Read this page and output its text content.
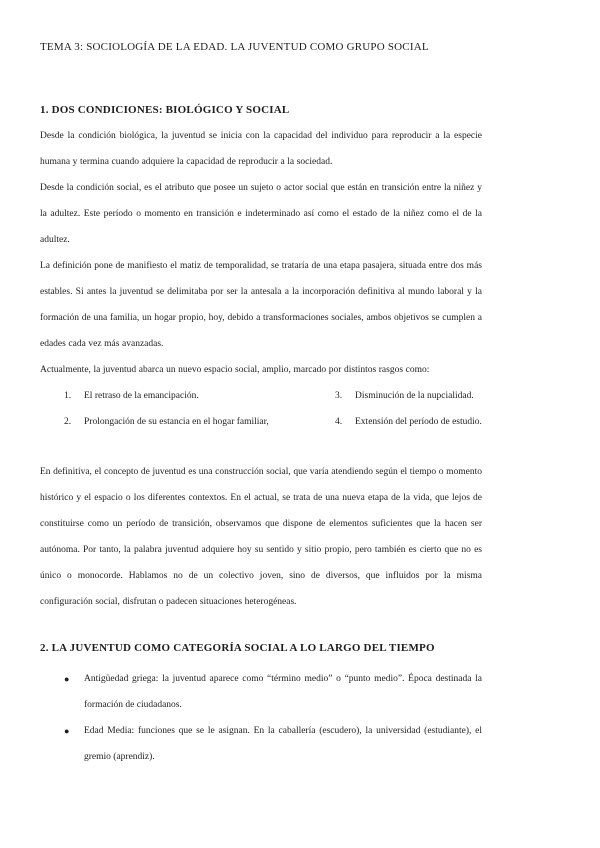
TEMA 3: SOCIOLOGÍA DE LA EDAD. LA JUVENTUD COMO GRUPO SOCIAL
1. DOS CONDICIONES: BIOLÓGICO Y SOCIAL

Desde la condición biológica, la juventud se inicia con la capacidad del individuo para reproducir a la especie humana y termina cuando adquiere la capacidad de reproducir a la sociedad.

Desde la condición social, es el atributo que posee un sujeto o actor social que están en transición entre la niñez y la adultez. Este período o momento en transición e indeterminado así como el estado de la niñez como el de la adultez.

La definición pone de manifiesto el matiz de temporalidad, se trataría de una etapa pasajera, situada entre dos más estables. Si antes la juventud se delimitaba por ser la antesala a la incorporación definitiva al mundo laboral y la formación de una familia, un hogar propio, hoy, debido a transformaciones sociales, ambos objetivos se cumplen a edades cada vez más avanzadas.

Actualmente, la juventud abarca un nuevo espacio social, amplio, marcado por distintos rasgos como:

1. El retraso de la emancipación.
2. Prolongación de su estancia en el hogar familiar,
3. Disminución de la nupcialidad.
4. Extensión del período de estudio.

En definitiva, el concepto de juventud es una construcción social, que varía atendiendo según el tiempo o momento histórico y el espacio o los diferentes contextos. En el actual, se trata de una nueva etapa de la vida, que lejos de constituirse como un período de transición, observamos que dispone de elementos suficientes que la hacen ser autónoma. Por tanto, la palabra juventud adquiere hoy su sentido y sitio propio, pero también es cierto que no es único o monocorde. Hablamos no de un colectivo joven, sino de diversos, que influidos por la misma configuración social, disfrutan o padecen situaciones heterogéneas.

2. LA JUVENTUD COMO CATEGORÍA SOCIAL A LO LARGO DEL TIEMPO
● Antigüedad griega: la juventud aparece como “término medio” o “punto medio”. Época destinada la formación de ciudadanos.
● Edad Media: funciones que se le asignan. En la caballería (escudero), la universidad (estudiante), el gremio (aprendiz).
